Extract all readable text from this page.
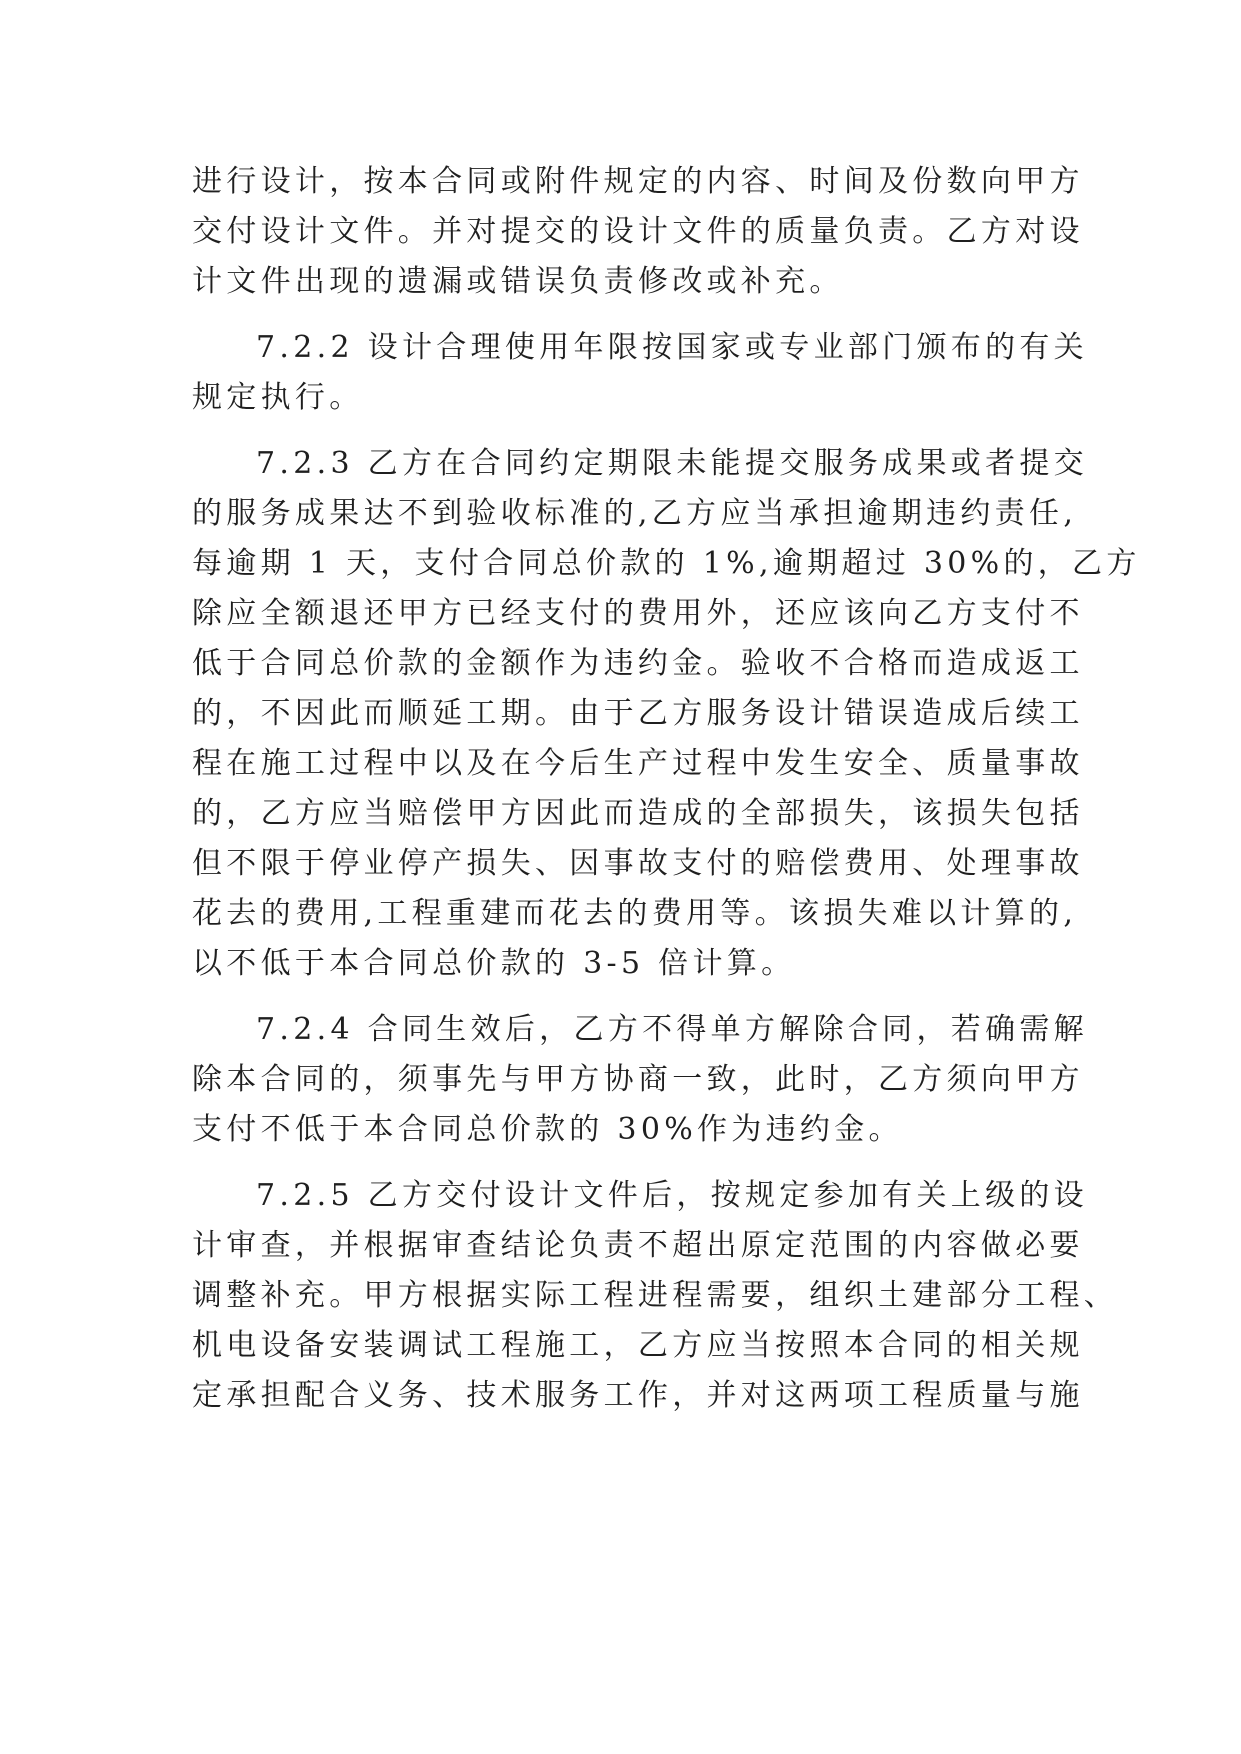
进行设计，按本合同或附件规定的内容、时间及份数向甲方
交付设计文件。并对提交的设计文件的质量负责。乙方对设
计文件出现的遗漏或错误负责修改或补充。
7.2.2 设计合理使用年限按国家或专业部门颁布的有关
规定执行。
7.2.3 乙方在合同约定期限未能提交服务成果或者提交
的服务成果达不到验收标准的,乙方应当承担逾期违约责任,
每逾期 1 天，支付合同总价款的 1%,逾期超过 30%的，乙方
除应全额退还甲方已经支付的费用外，还应该向乙方支付不
低于合同总价款的金额作为违约金。验收不合格而造成返工
的，不因此而顺延工期。由于乙方服务设计错误造成后续工
程在施工过程中以及在今后生产过程中发生安全、质量事故
的，乙方应当赔偿甲方因此而造成的全部损失，该损失包括
但不限于停业停产损失、因事故支付的赔偿费用、处理事故
花去的费用,工程重建而花去的费用等。该损失难以计算的,
以不低于本合同总价款的 3-5 倍计算。
7.2.4 合同生效后，乙方不得单方解除合同，若确需解
除本合同的，须事先与甲方协商一致，此时，乙方须向甲方
支付不低于本合同总价款的 30%作为违约金。
7.2.5 乙方交付设计文件后，按规定参加有关上级的设
计审查，并根据审查结论负责不超出原定范围的内容做必要
调整补充。甲方根据实际工程进程需要，组织土建部分工程、
机电设备安装调试工程施工，乙方应当按照本合同的相关规
定承担配合义务、技术服务工作，并对这两项工程质量与施
